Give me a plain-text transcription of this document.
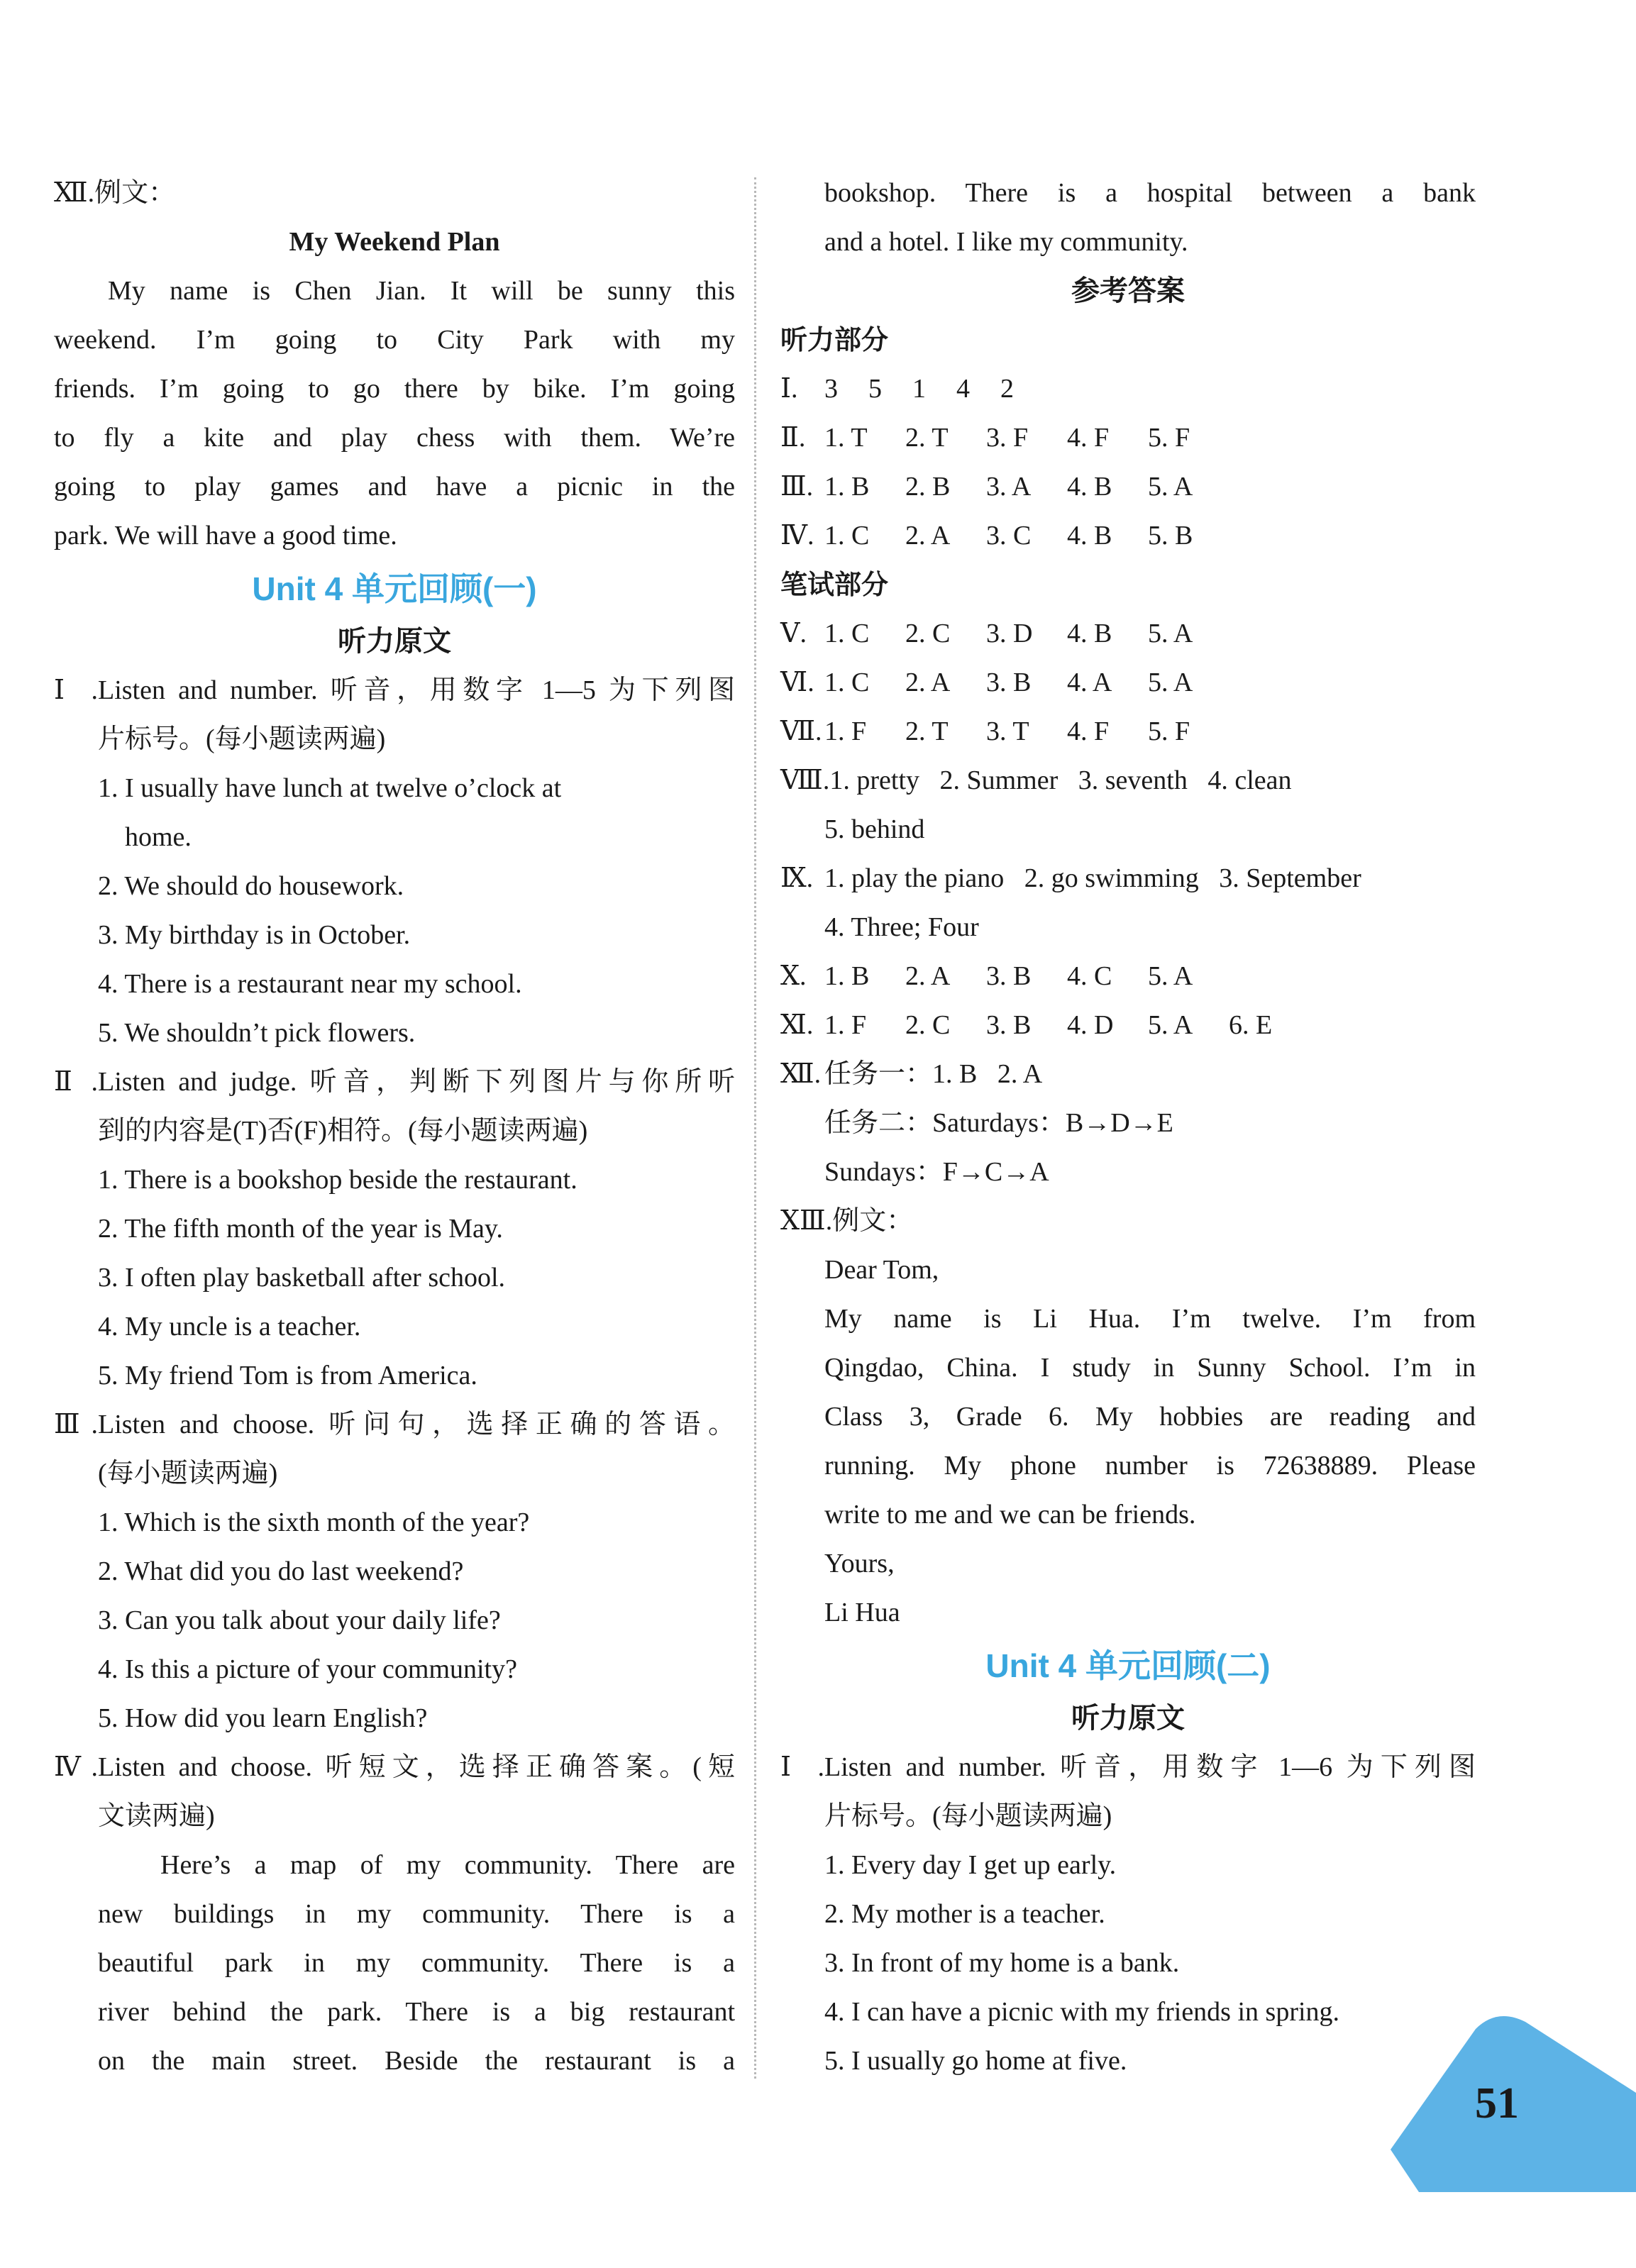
Ⅻ.例文：
My Weekend Plan
My name is Chen Jian. It will be sunny this
weekend. I’m going to City Park with my
friends. I’m going to go there by bike. I’m going
to fly a kite and play chess with them. We’re
going to play games and have a picnic in the
park. We will have a good time.
Unit 4 单元回顾(一)
听力原文
Ⅰ.Listen and number. 听音，用数字 1—5 为下列图
片标号。(每小题读两遍)
1. I usually have lunch at twelve o’clock at
home.
2. We should do housework.
3. My birthday is in October.
4. There is a restaurant near my school.
5. We shouldn’t pick flowers.
Ⅱ.Listen and judge. 听音，判断下列图片与你所听
到的内容是(T)否(F)相符。(每小题读两遍)
1. There is a bookshop beside the restaurant.
2. The fifth month of the year is May.
3. I often play basketball after school.
4. My uncle is a teacher.
5. My friend Tom is from America.
Ⅲ.Listen and choose. 听问句，选择正确的答语。
(每小题读两遍)
1. Which is the sixth month of the year?
2. What did you do last weekend?
3. Can you talk about your daily life?
4. Is this a picture of your community?
5. How did you learn English?
Ⅳ.Listen and choose. 听短文，选择正确答案。(短
文读两遍)
Here’s a map of my community. There are
new buildings in my community. There is a
beautiful park in my community. There is a
river behind the park. There is a big restaurant
on the main street. Beside the restaurant is a
bookshop. There is a hospital between a bank
and a hotel. I like my community.
参考答案
听力部分
Ⅰ. 3 5 1 4 2
Ⅱ. 1. T 2. T 3. F 4. F 5. F
Ⅲ. 1. B 2. B 3. A 4. B 5. A
Ⅳ. 1. C 2. A 3. C 4. B 5. B
笔试部分
Ⅴ. 1. C 2. C 3. D 4. B 5. A
Ⅵ. 1. C 2. A 3. B 4. A 5. A
Ⅶ.1. F 2. T 3. T 4. F 5. F
Ⅷ.1. pretty   2. Summer   3. seventh   4. clean
5. behind
Ⅸ. 1. play the piano   2. go swimming   3. September
4. Three; Four
Ⅹ. 1. B 2. A 3. B 4. C 5. A
Ⅺ. 1. F 2. C 3. B 4. D 5. A 6. E
Ⅻ. 任务一：1. B   2. A
任务二：Saturdays：B→D→E
Sundays：F→C→A
ⅩⅢ.例文：
Dear Tom,
My name is Li Hua. I’m twelve. I’m from
Qingdao, China. I study in Sunny School. I’m in
Class 3, Grade 6. My hobbies are reading and
running. My phone number is 72638889. Please
write to me and we can be friends.
Yours,
Li Hua
Unit 4 单元回顾(二)
听力原文
Ⅰ.Listen and number. 听音，用数字 1—6 为下列图
片标号。(每小题读两遍)
1. Every day I get up early.
2. My mother is a teacher.
3. In front of my home is a bank.
4. I can have a picnic with my friends in spring.
5. I usually go home at five.
51
